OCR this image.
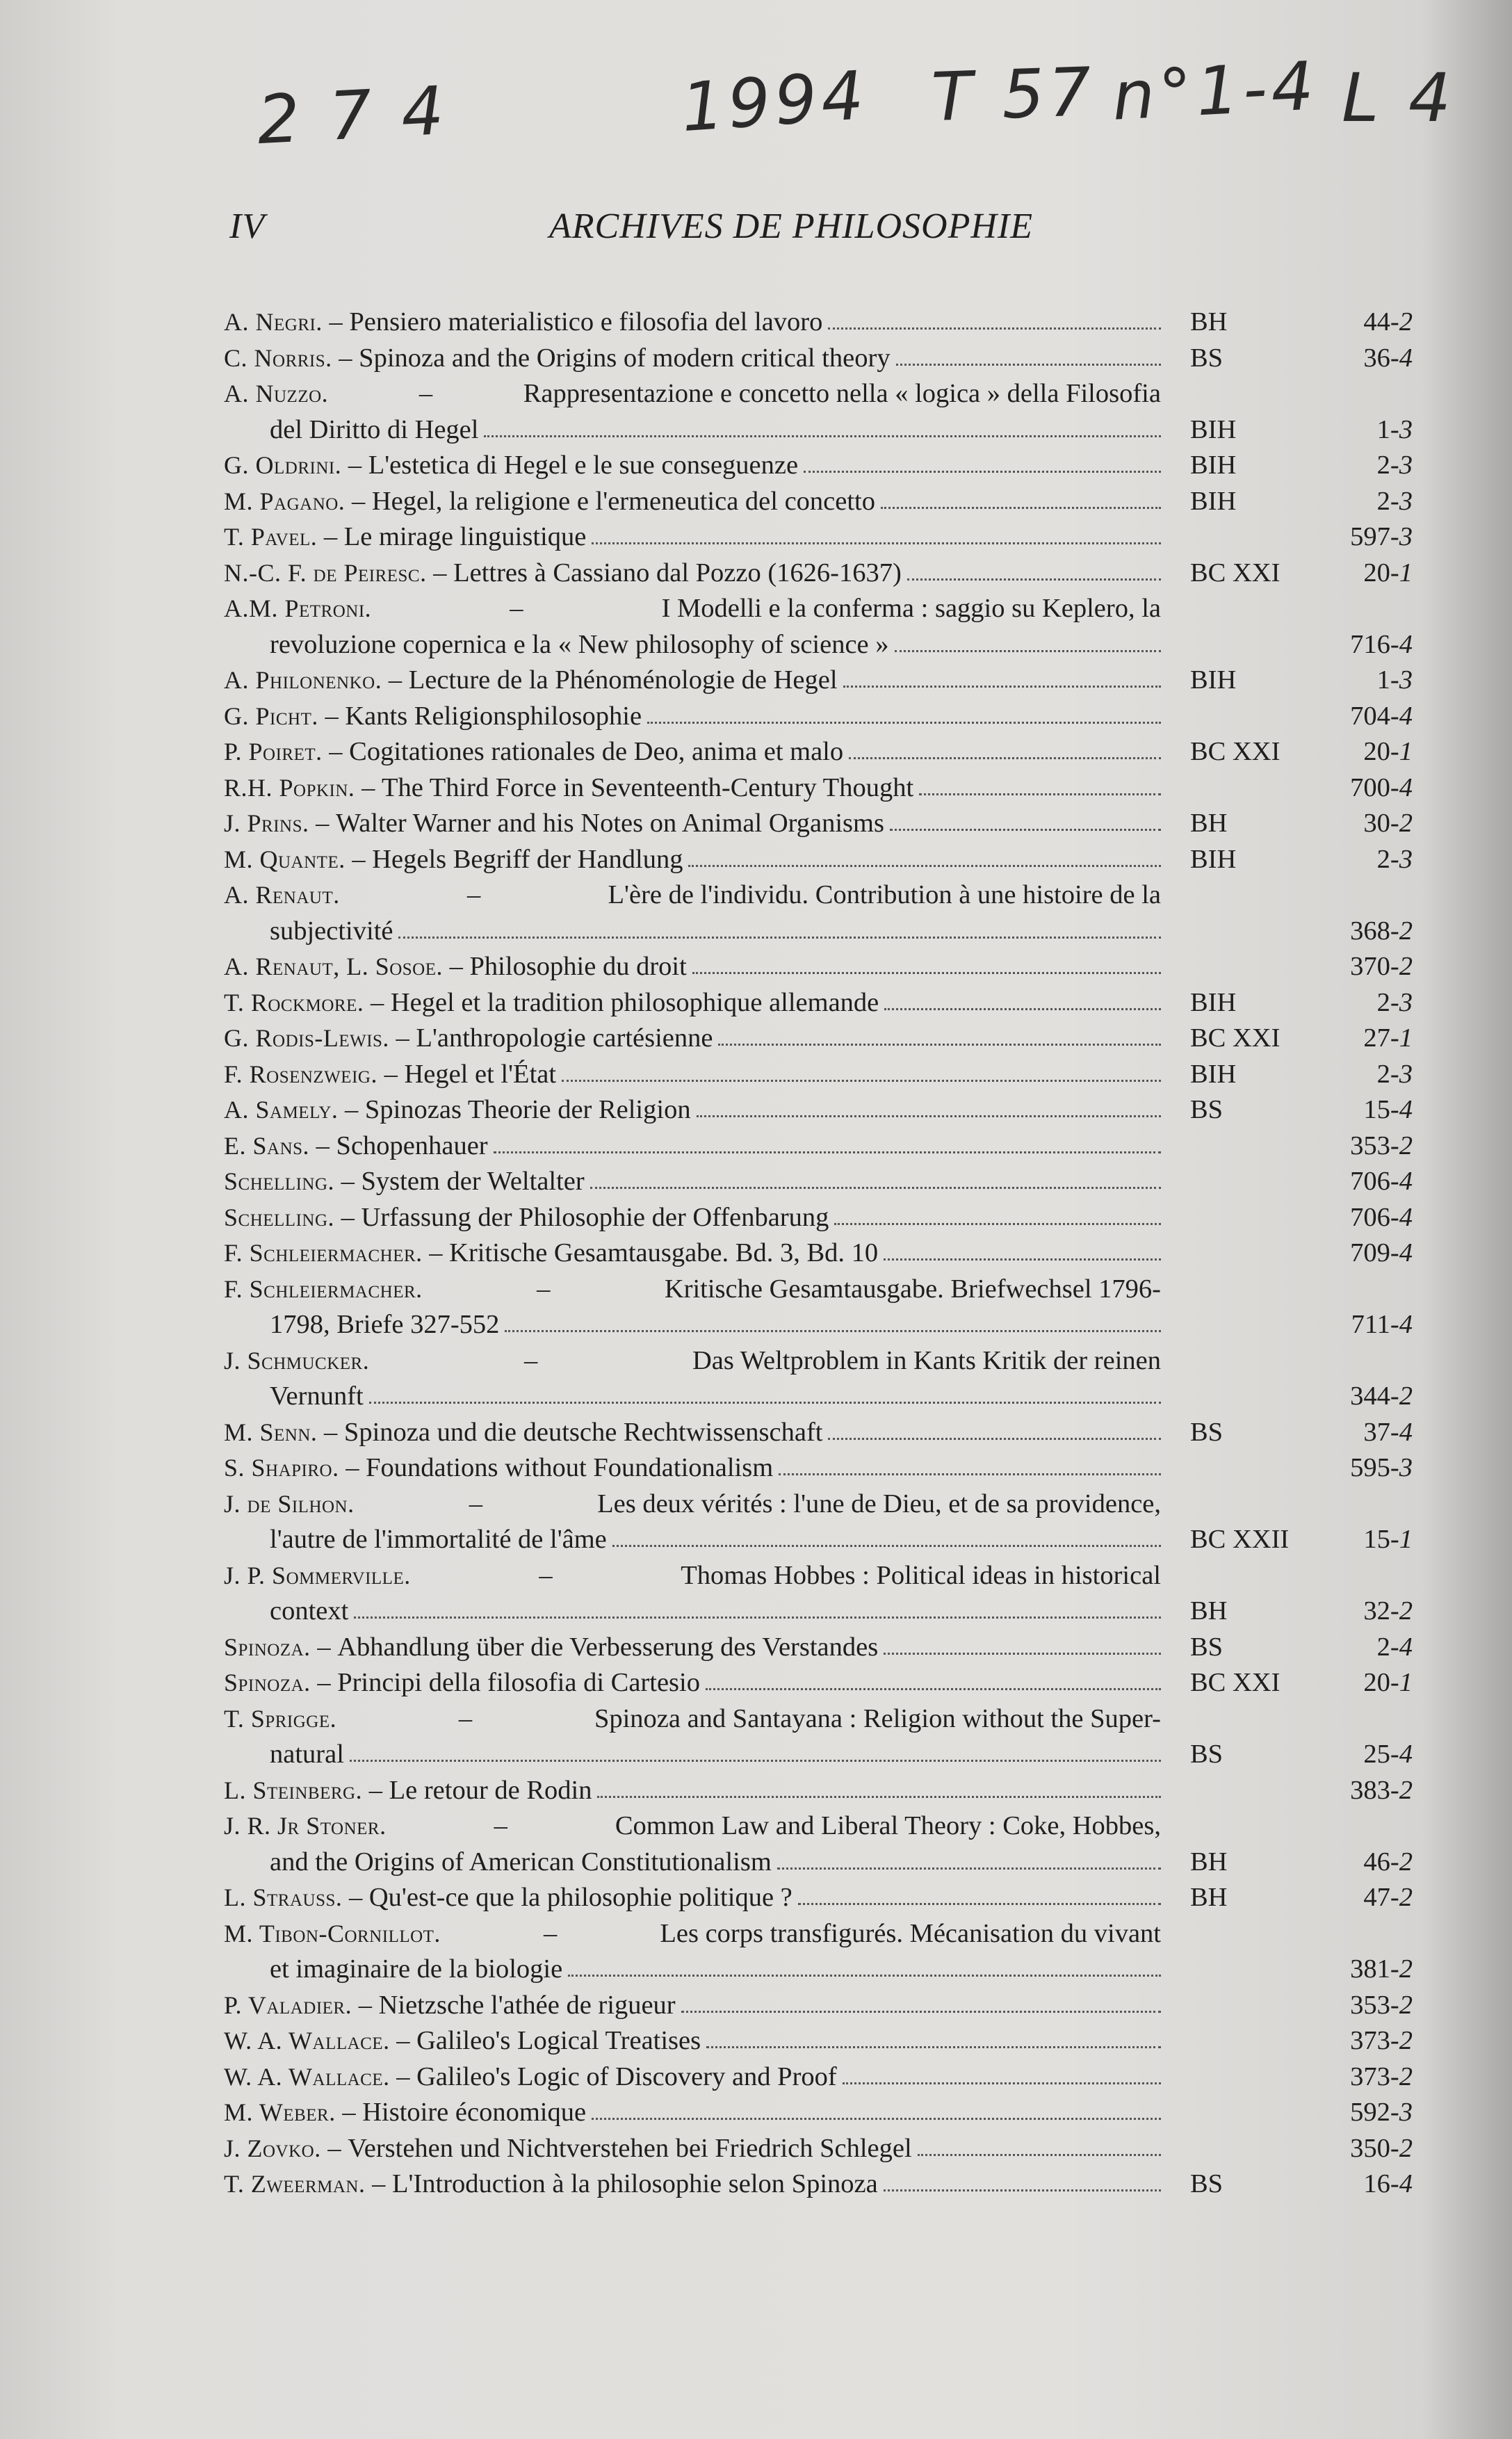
2 7 4	1994 T 57 n°1-4 L 4
IV	ARCHIVES DE PHILOSOPHIE
A. Negri. – Pensiero materialistico e filosofia del lavoro	BH	44-2
C. Norris. – Spinoza and the Origins of modern critical theory	BS	36-4
A. Nuzzo.	–	Rappresentazione e concetto nella « logica » della Filosofia
del Diritto di Hegel	BIH	1-3
G. Oldrini. – L'estetica di Hegel e le sue conseguenze	BIH	2-3
M. Pagano. – Hegel, la religione e l'ermeneutica del concetto	BIH	2-3
T. Pavel. – Le mirage linguistique	597-3
N.-C. F. de Peiresc. – Lettres à Cassiano dal Pozzo (1626-1637)	BC XXI	20-1
A.M. Petroni.	–	I Modelli e la conferma : saggio su Keplero, la
revoluzione copernica e la « New philosophy of science »	716-4
A. Philonenko. – Lecture de la Phénoménologie de Hegel	BIH	1-3
G. Picht. – Kants Religionsphilosophie	704-4
P. Poiret. – Cogitationes rationales de Deo, anima et malo	BC XXI	20-1
R.H. Popkin. – The Third Force in Seventeenth-Century Thought	700-4
J. Prins. – Walter Warner and his Notes on Animal Organisms	BH	30-2
M. Quante. – Hegels Begriff der Handlung	BIH	2-3
A. Renaut.	–	L'ère de l'individu. Contribution à une histoire de la
subjectivité	368-2
A. Renaut, L. Sosoe. – Philosophie du droit	370-2
T. Rockmore. – Hegel et la tradition philosophique allemande	BIH	2-3
G. Rodis-Lewis. – L'anthropologie cartésienne	BC XXI	27-1
F. Rosenzweig. – Hegel et l'État	BIH	2-3
A. Samely. – Spinozas Theorie der Religion	BS	15-4
E. Sans. – Schopenhauer	353-2
Schelling. – System der Weltalter	706-4
Schelling. – Urfassung der Philosophie der Offenbarung	706-4
F. Schleiermacher. – Kritische Gesamtausgabe. Bd. 3, Bd. 10	709-4
F. Schleiermacher.	–	Kritische Gesamtausgabe. Briefwechsel 1796-
1798, Briefe 327-552	711-4
J. Schmucker.	–	Das Weltproblem in Kants Kritik der reinen
Vernunft	344-2
M. Senn. – Spinoza und die deutsche Rechtwissenschaft	BS	37-4
S. Shapiro. – Foundations without Foundationalism	595-3
J. de Silhon.	–	Les deux vérités : l'une de Dieu, et de sa providence,
l'autre de l'immortalité de l'âme	BC XXII	15-1
J. P. Sommerville.	–	Thomas Hobbes : Political ideas in historical
context	BH	32-2
Spinoza. – Abhandlung über die Verbesserung des Verstandes	BS	2-4
Spinoza. – Principi della filosofia di Cartesio	BC XXI	20-1
T. Sprigge.	–	Spinoza and Santayana : Religion without the Super-
natural	BS	25-4
L. Steinberg. – Le retour de Rodin	383-2
J. R. Jr Stoner.	–	Common Law and Liberal Theory : Coke, Hobbes,
and the Origins of American Constitutionalism	BH	46-2
L. Strauss. – Qu'est-ce que la philosophie politique ?	BH	47-2
M. Tibon-Cornillot.	–	Les corps transfigurés. Mécanisation du vivant
et imaginaire de la biologie	381-2
P. Valadier. – Nietzsche l'athée de rigueur	353-2
W. A. Wallace. – Galileo's Logical Treatises	373-2
W. A. Wallace. – Galileo's Logic of Discovery and Proof	373-2
M. Weber. – Histoire économique	592-3
J. Zovko. – Verstehen und Nichtverstehen bei Friedrich Schlegel	350-2
T. Zweerman. – L'Introduction à la philosophie selon Spinoza	BS	16-4
